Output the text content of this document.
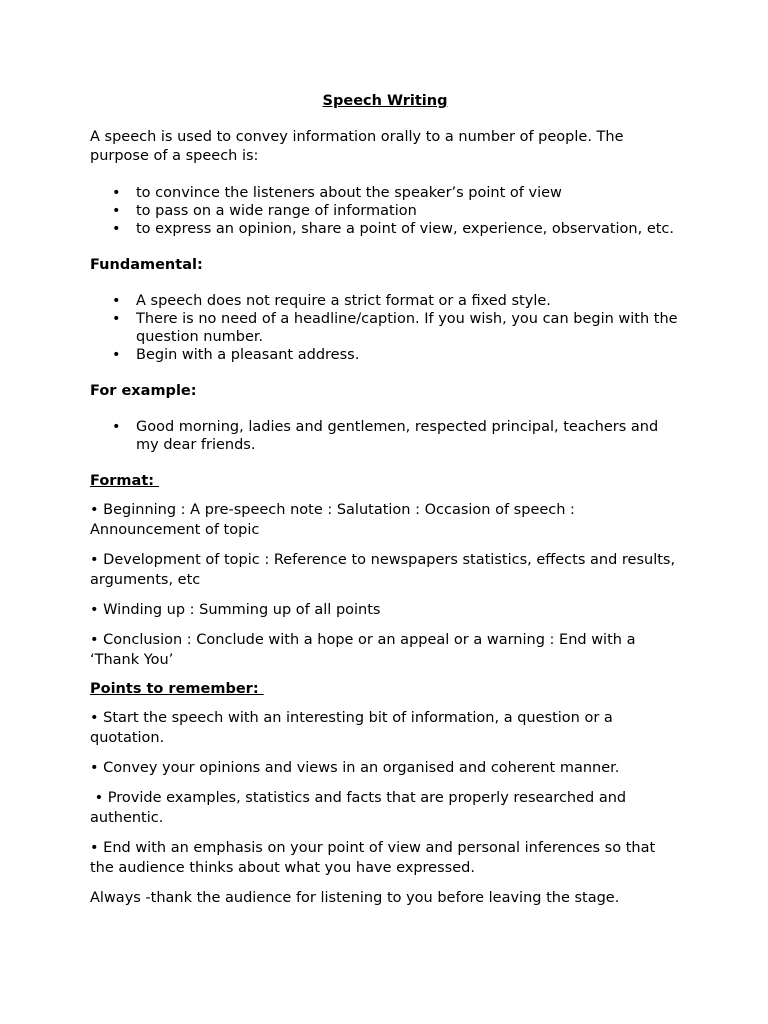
Speech Writing

A speech is used to convey information orally to a number of people. The purpose of a speech is:

• to convince the listeners about the speaker’s point of view
• to pass on a wide range of information
• to express an opinion, share a point of view, experience, observation, etc.

Fundamental:

• A speech does not require a strict format or a fixed style.
• There is no need of a headline/caption. If you wish, you can begin with the question number.
• Begin with a pleasant address.

For example:

• Good morning, ladies and gentlemen, respected principal, teachers and my dear friends.

Format:

• Beginning : A pre-speech note : Salutation : Occasion of speech : Announcement of topic

• Development of topic : Reference to newspapers statistics, effects and results, arguments, etc

• Winding up : Summing up of all points

• Conclusion : Conclude with a hope or an appeal or a warning : End with a ‘Thank You’

Points to remember:

• Start the speech with an interesting bit of information, a question or a quotation.

• Convey your opinions and views in an organised and coherent manner.

• Provide examples, statistics and facts that are properly researched and authentic.

• End with an emphasis on your point of view and personal inferences so that the audience thinks about what you have expressed.

Always -thank the audience for listening to you before leaving the stage.
